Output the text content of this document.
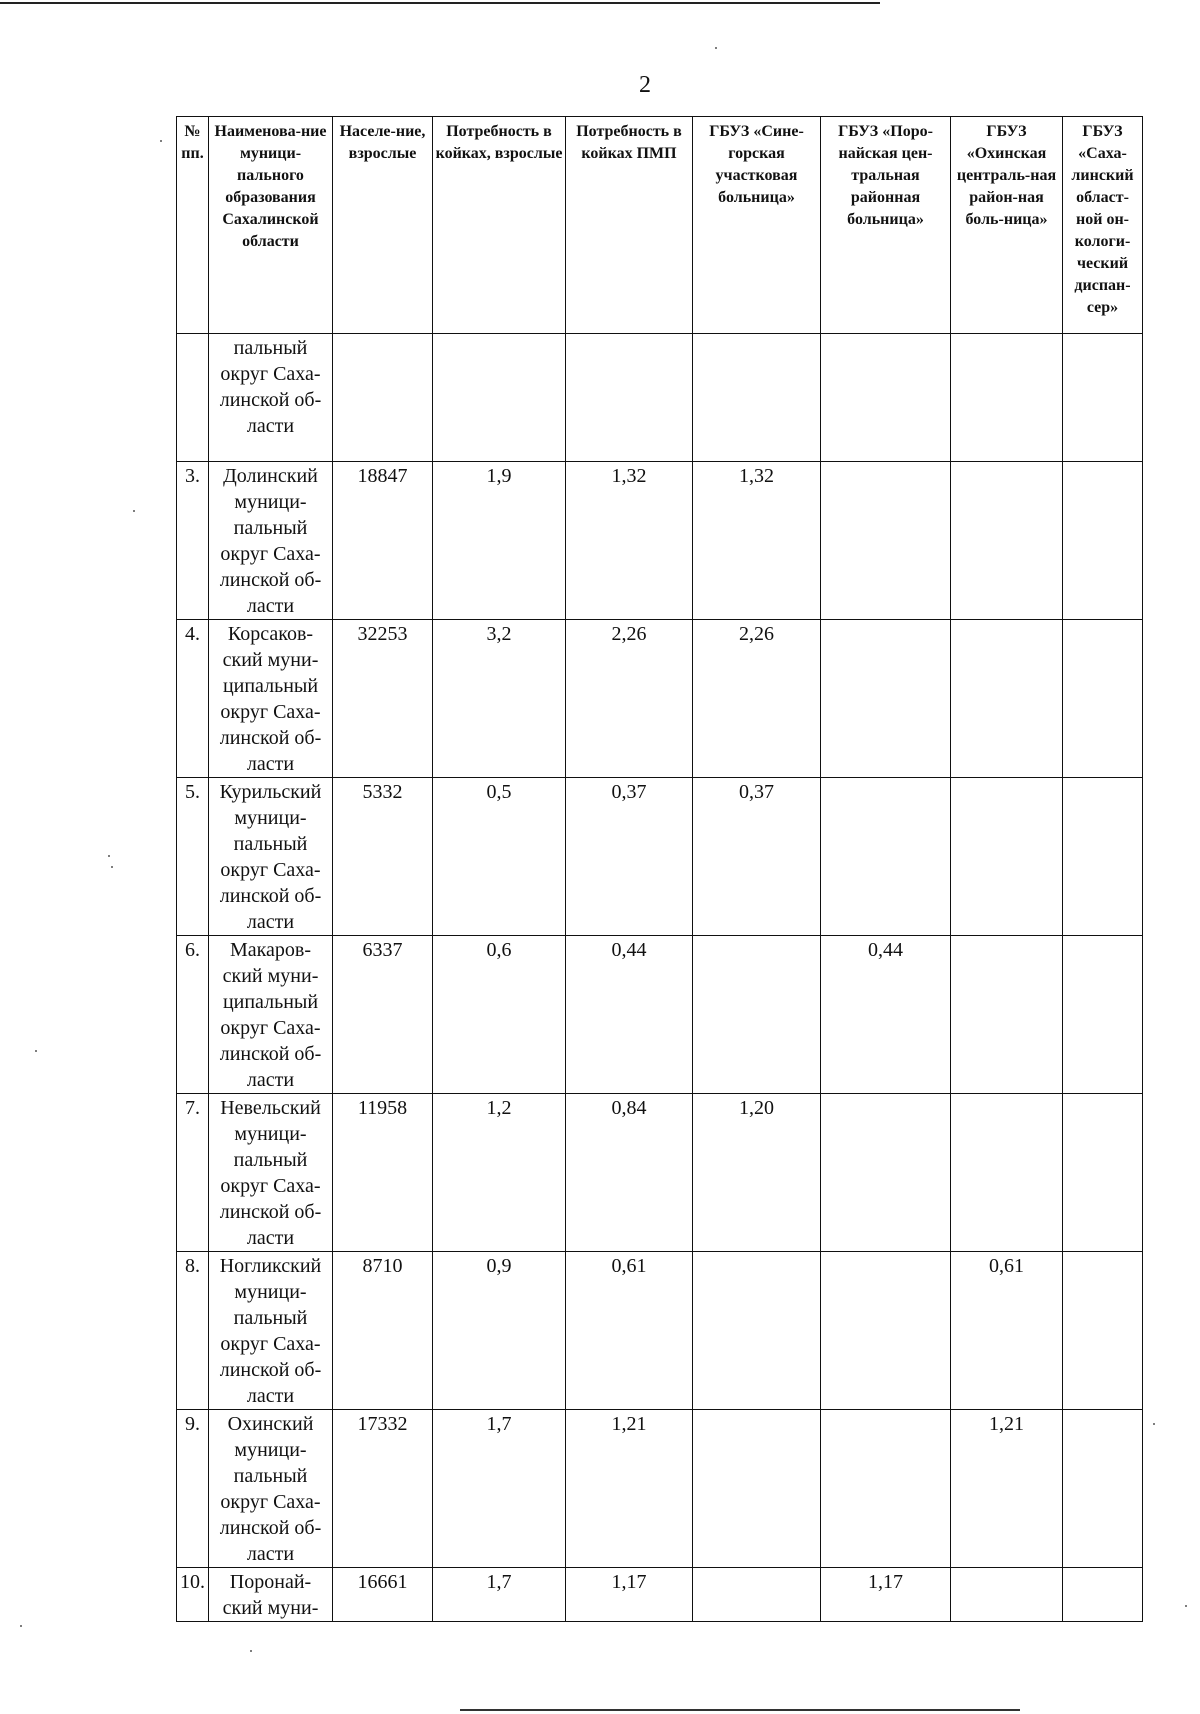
2
№ пп.	Наименова-ние муници-пального образования Сахалинской области	Населе-ние, взрослые	Потребность в койках, взрослые	Потребность в койках ПМП	ГБУЗ «Сине-горская участковая больница»	ГБУЗ «Поро-найская цен-тральная районная больница»	ГБУЗ «Охинская централь-ная район-ная боль-ница»	ГБУЗ «Саха-линский област-ной он-кологи-ческий диспан-сер»
	пальный округ Саха-линской об-ласти							
3.	Долинский муници-пальный округ Саха-линской об-ласти	18847	1,9	1,32	1,32			
4.	Корсаков-ский муни-ципальный округ Саха-линской об-ласти	32253	3,2	2,26	2,26			
5.	Курильский муници-пальный округ Саха-линской об-ласти	5332	0,5	0,37	0,37			
6.	Макаров-ский муни-ципальный округ Саха-линской об-ласти	6337	0,6	0,44		0,44		
7.	Невельский муници-пальный округ Саха-линской об-ласти	11958	1,2	0,84	1,20			
8.	Ногликский муници-пальный округ Саха-линской об-ласти	8710	0,9	0,61			0,61	
9.	Охинский муници-пальный округ Саха-линской об-ласти	17332	1,7	1,21			1,21	
10.	Поронай-ский муни-	16661	1,7	1,17		1,17		
